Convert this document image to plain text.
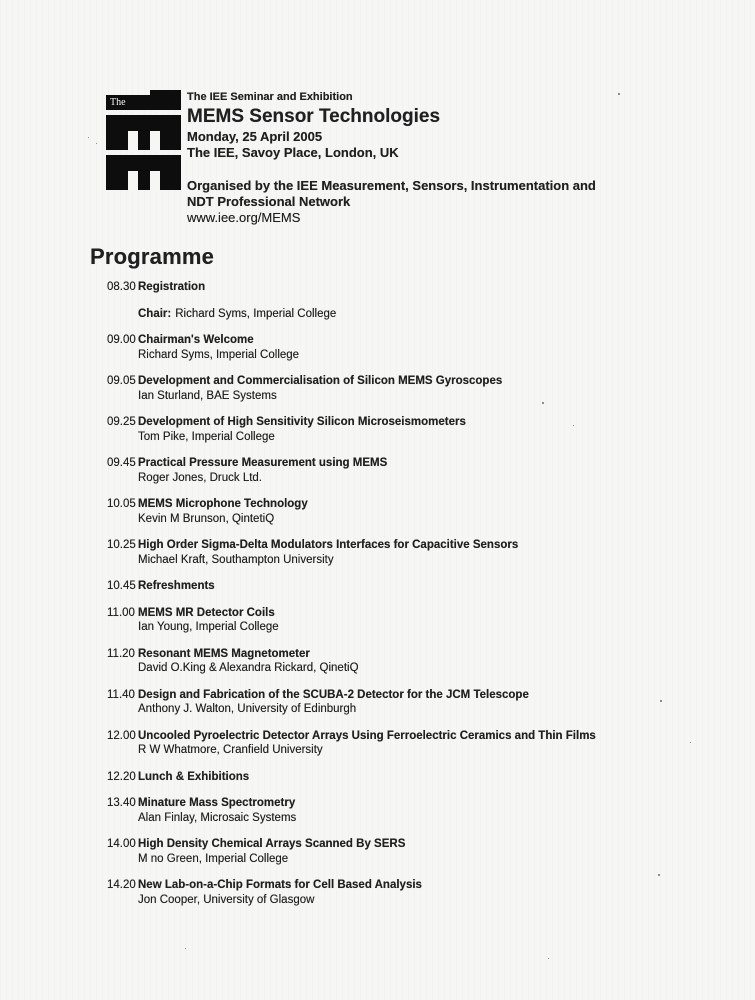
The	The IEE Seminar and Exhibition
MEMS Sensor Technologies
Monday, 25 April 2005
The IEE, Savoy Place, London, UK
Organised by the IEE Measurement, Sensors, Instrumentation and
NDT Professional Network
www.iee.org/MEMS
Programme
08.30 Registration
Chair: Richard Syms, Imperial College
09.00 Chairman's Welcome
Richard Syms, Imperial College
09.05 Development and Commercialisation of Silicon MEMS Gyroscopes
Ian Sturland, BAE Systems
09.25 Development of High Sensitivity Silicon Microseismometers
Tom Pike, Imperial College
09.45 Practical Pressure Measurement using MEMS
Roger Jones, Druck Ltd.
10.05 MEMS Microphone Technology
Kevin M Brunson, QintetiQ
10.25 High Order Sigma-Delta Modulators Interfaces for Capacitive Sensors
Michael Kraft, Southampton University
10.45 Refreshments
11.00 MEMS MR Detector Coils
Ian Young, Imperial College
11.20 Resonant MEMS Magnetometer
David O.King & Alexandra Rickard, QinetiQ
11.40 Design and Fabrication of the SCUBA-2 Detector for the JCM Telescope
Anthony J. Walton, University of Edinburgh
12.00 Uncooled Pyroelectric Detector Arrays Using Ferroelectric Ceramics and Thin Films
R W Whatmore, Cranfield University
12.20 Lunch & Exhibitions
13.40 Minature Mass Spectrometry
Alan Finlay, Microsaic Systems
14.00 High Density Chemical Arrays Scanned By SERS
M no Green, Imperial College
14.20 New Lab-on-a-Chip Formats for Cell Based Analysis
Jon Cooper, University of Glasgow
